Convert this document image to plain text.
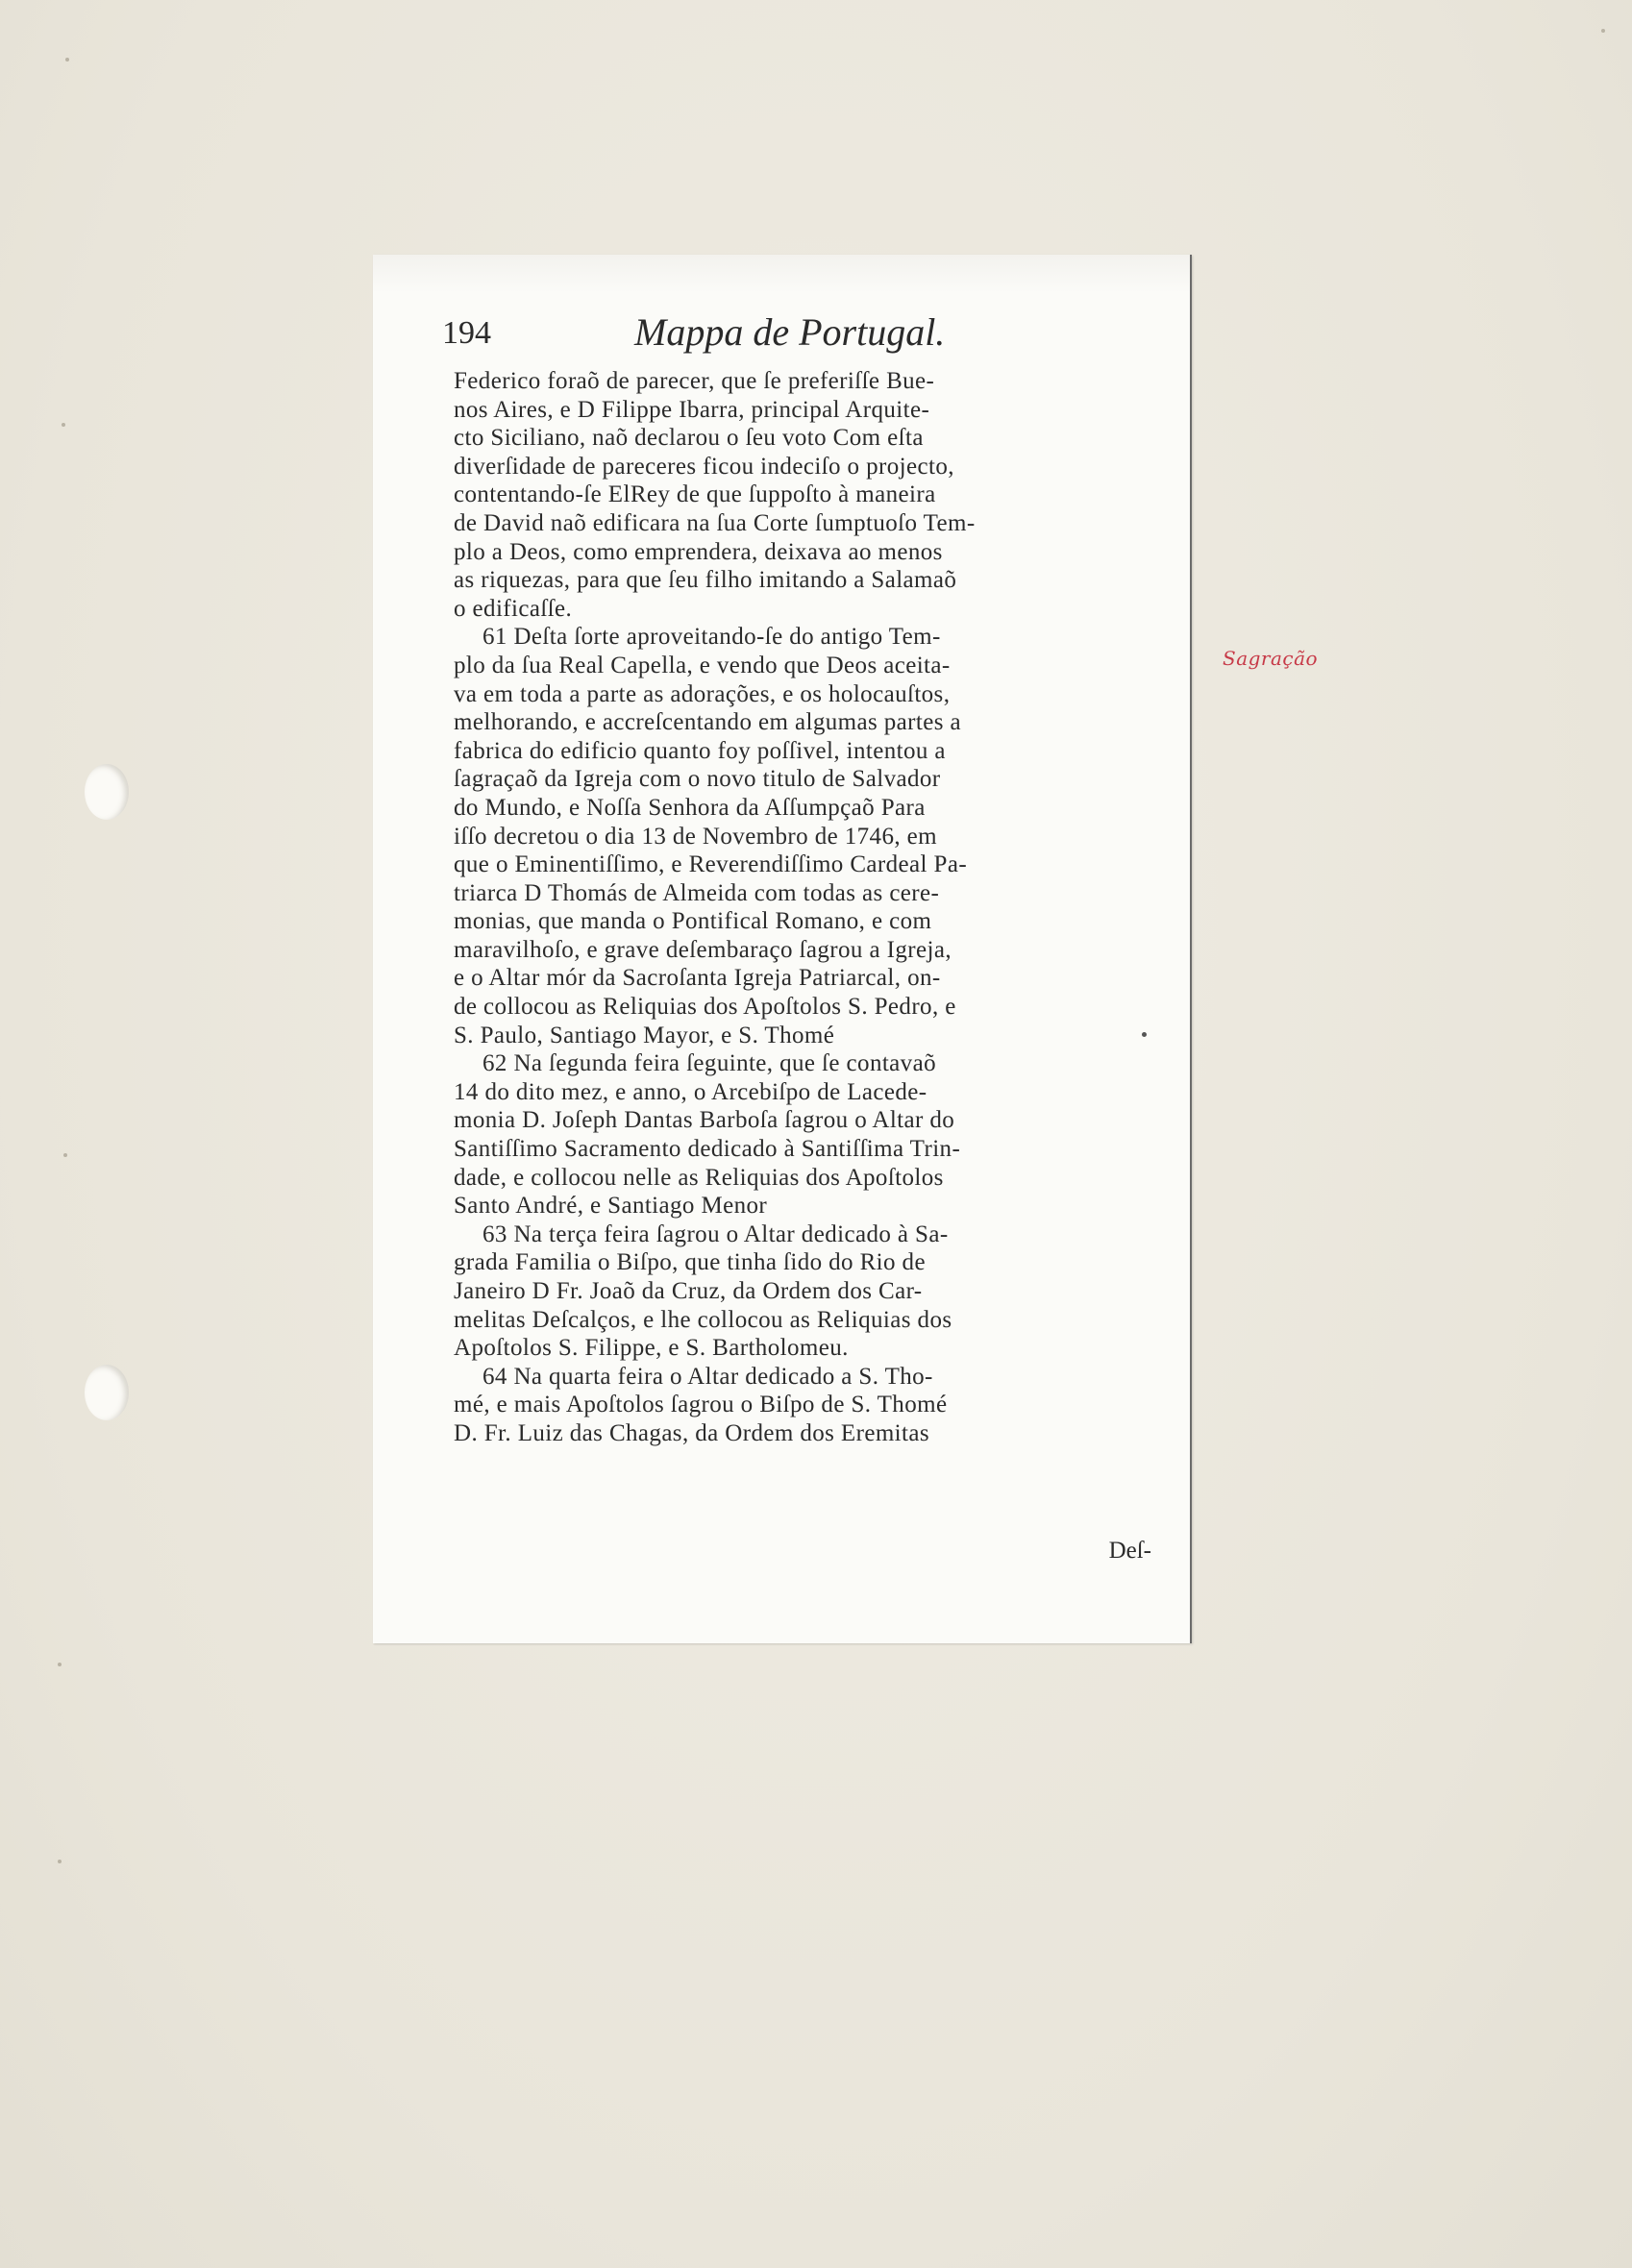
194	Mappa de Portugal.
Federico foraõ de parecer, que ſe preferiſſe Bue-
nos Aires, e D Filippe Ibarra, principal Arquite-
cto Siciliano, naõ declarou o ſeu voto Com eſta
diverſidade de pareceres ficou indeciſo o projecto,
contentando-ſe ElRey de que ſuppoſto à maneira
de David naõ edificara na ſua Corte ſumptuoſo Tem-
plo a Deos, como emprendera, deixava ao menos
as riquezas, para que ſeu filho imitando a Salamaõ
o edificaſſe.
61 Deſta ſorte aproveitando-ſe do antigo Tem-
plo da ſua Real Capella, e vendo que Deos aceita-
va em toda a parte as adorações, e os holocauſtos,
melhorando, e accreſcentando em algumas partes a
fabrica do edificio quanto foy poſſivel, intentou a
ſagraçaõ da Igreja com o novo titulo de Salvador
do Mundo, e Noſſa Senhora da Aſſumpçaõ Para
iſſo decretou o dia 13 de Novembro de 1746, em
que o Eminentiſſimo, e Reverendiſſimo Cardeal Pa-
triarca D Thomás de Almeida com todas as cere-
monias, que manda o Pontifical Romano, e com
maravilhoſo, e grave deſembaraço ſagrou a Igreja,
e o Altar mór da Sacroſanta Igreja Patriarcal, on-
de collocou as Reliquias dos Apoſtolos S. Pedro, e
S. Paulo, Santiago Mayor, e S. Thomé
62 Na ſegunda feira ſeguinte, que ſe contavaõ
14 do dito mez, e anno, o Arcebiſpo de Lacede-
monia D. Joſeph Dantas Barboſa ſagrou o Altar do
Santiſſimo Sacramento dedicado à Santiſſima Trin-
dade, e collocou nelle as Reliquias dos Apoſtolos
Santo André, e Santiago Menor
63 Na terça feira ſagrou o Altar dedicado à Sa-
grada Familia o Biſpo, que tinha ſido do Rio de
Janeiro D Fr. Joaõ da Cruz, da Ordem dos Car-
melitas Deſcalços, e lhe collocou as Reliquias dos
Apoſtolos S. Filippe, e S. Bartholomeu.
64 Na quarta feira o Altar dedicado a S. Tho-
mé, e mais Apoſtolos ſagrou o Biſpo de S. Thomé
D. Fr. Luiz das Chagas, da Ordem dos Eremitas
Deſ-
Sagração
